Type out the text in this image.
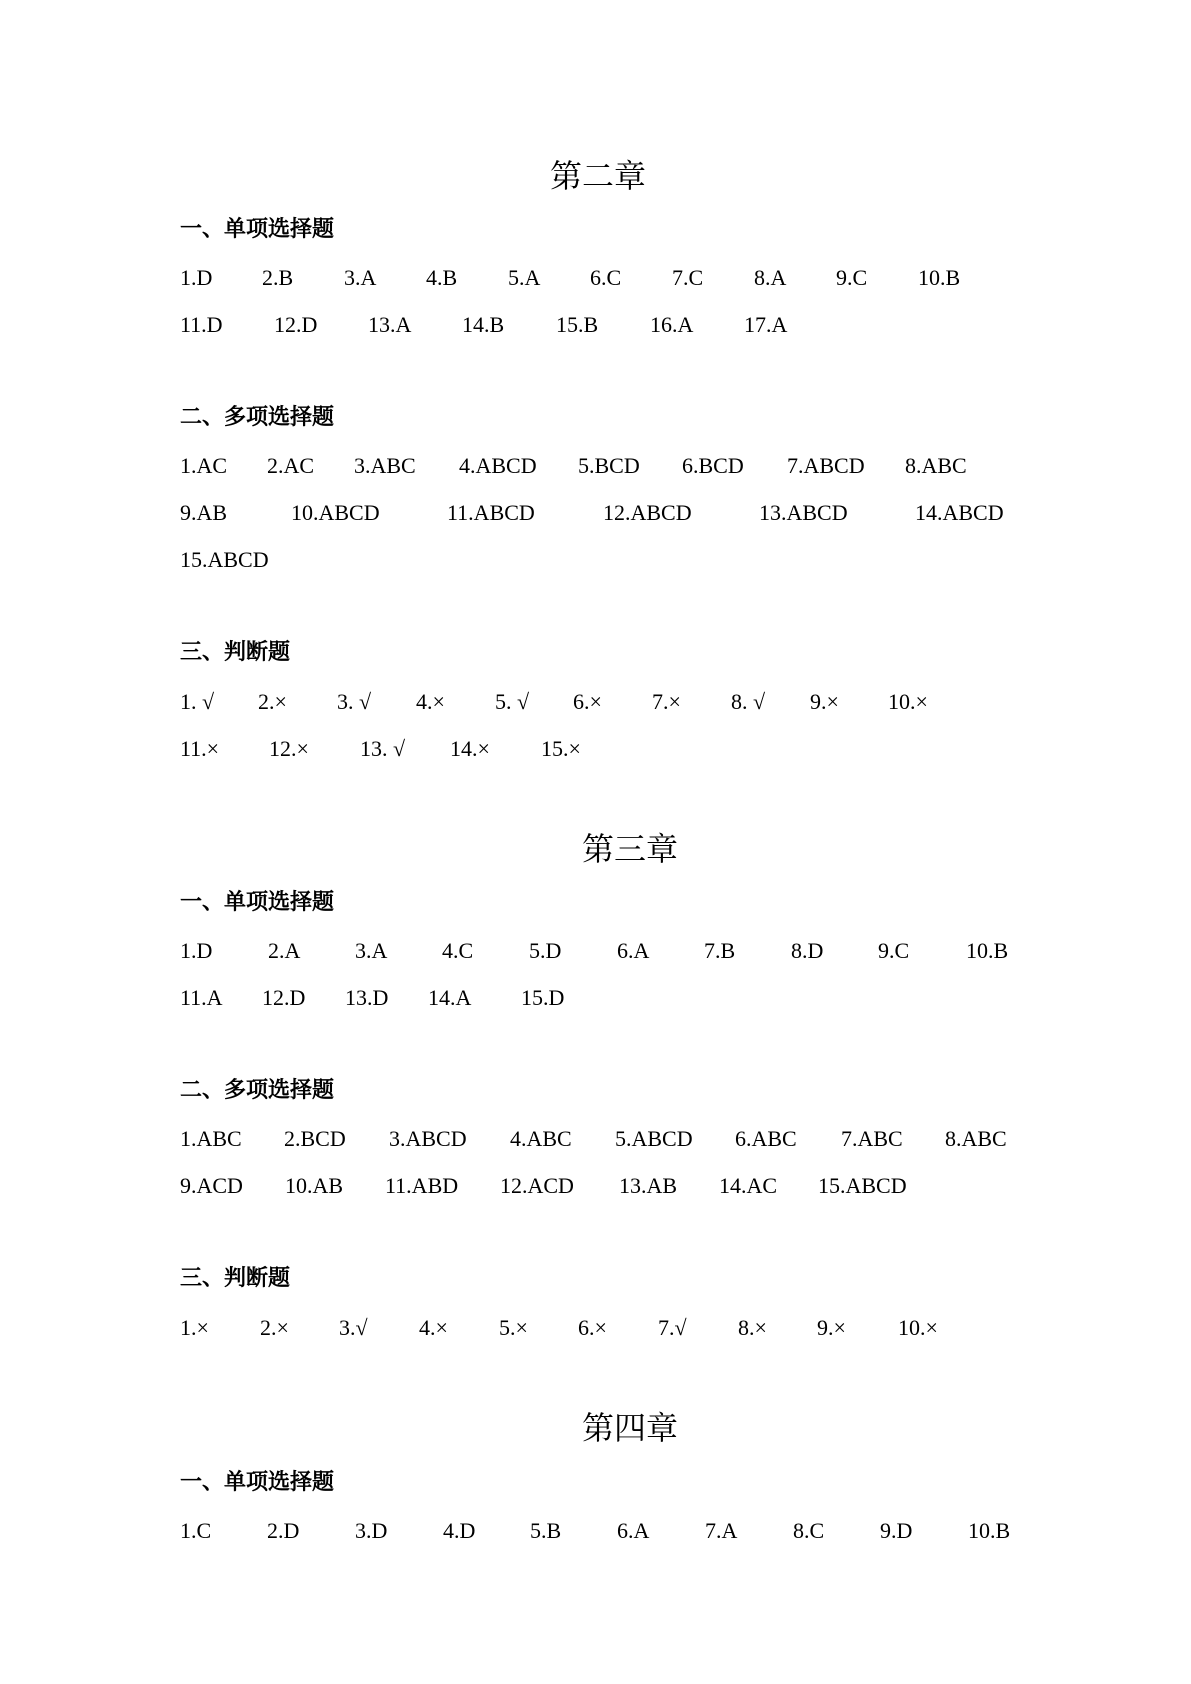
第二章
一、单项选择题
1.D 2.B 3.A 4.B 5.A 6.C 7.C 8.A 9.C 10.B
11.D 12.D 13.A 14.B 15.B 16.A 17.A
二、多项选择题
1.AC 2.AC 3.ABC 4.ABCD 5.BCD 6.BCD 7.ABCD 8.ABC
9.AB	10.ABCD	11.ABCD	12.ABCD	13.ABCD	14.ABCD
15.ABCD
三、判断题
1. √ 2.× 3. √ 4.× 5. √ 6.× 7.× 8. √ 9.× 10.×
11.× 12.× 13. √ 14.× 15.×
第三章
一、单项选择题
1.D	2.A 3.A 4.C	5.D	6.A 7.B	8.D 9.C	10.B
11.A 12.D 13.D 14.A 15.D
二、多项选择题
1.ABC 2.BCD 3.ABCD 4.ABC 5.ABCD 6.ABC 7.ABC 8.ABC
9.ACD 10.AB 11.ABD 12.ACD 13.AB 14.AC 15.ABCD
三、判断题
1.× 2.× 3.√ 4.× 5.× 6.× 7.√ 8.× 9.× 10.×
第四章
一、单项选择题
1.C	2.D	3.D	4.D 5.B	6.A	7.A	8.C	9.D	10.B
